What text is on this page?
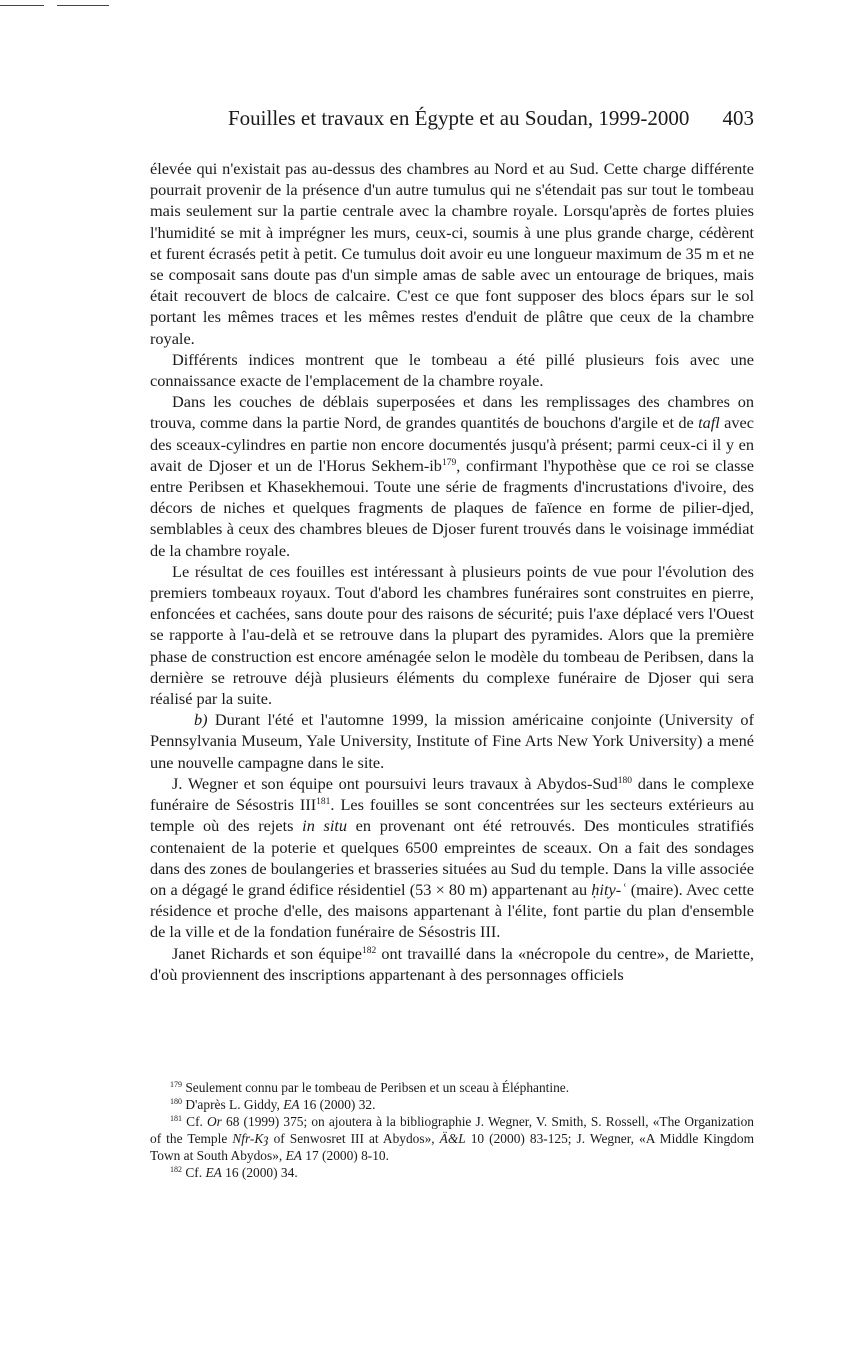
Fouilles et travaux en Égypte et au Soudan, 1999-2000 403

élevée qui n'existait pas au-dessus des chambres au Nord et au Sud. Cette charge différente pourrait provenir de la présence d'un autre tumulus qui ne s'étendait pas sur tout le tombeau mais seulement sur la partie centrale avec la chambre royale. Lorsqu'après de fortes pluies l'humidité se mit à imprégner les murs, ceux-ci, soumis à une plus grande charge, cédèrent et furent écrasés petit à petit. Ce tumulus doit avoir eu une longueur maximum de 35 m et ne se composait sans doute pas d'un simple amas de sable avec un entourage de briques, mais était recouvert de blocs de calcaire. C'est ce que font supposer des blocs épars sur le sol portant les mêmes traces et les mêmes restes d'enduit de plâtre que ceux de la chambre royale.

Différents indices montrent que le tombeau a été pillé plusieurs fois avec une connaissance exacte de l'emplacement de la chambre royale.

Dans les couches de déblais superposées et dans les remplissages des chambres on trouva, comme dans la partie Nord, de grandes quantités de bouchons d'argile et de tafl avec des sceaux-cylindres en partie non encore documentés jusqu'à présent; parmi ceux-ci il y en avait de Djoser et un de l'Horus Sekhem-$ib^{179}$, confirmant l'hypothèse que ce roi se classe entre Peribsen et Khasekhemoui. Toute une série de fragments d'incrustations d'ivoire, des décors de niches et quelques fragments de plaques de faïence en forme de pilier-djed, semblables à ceux des chambres bleues de Djoser furent trouvés dans le voisinage immédiat de la chambre royale.

Le résultat de ces fouilles est intéressant à plusieurs points de vue pour l'évolution des premiers tombeaux royaux. Tout d'abord les chambres funéraires sont construites en pierre, enfoncées et cachées, sans doute pour des raisons de sécurité; puis l'axe déplacé vers l'Ouest se rapporte à l'au-delà et se retrouve dans la plupart des pyramides. Alors que la première phase de construction est encore aménagée selon le modèle du tombeau de Peribsen, dans la dernière se retrouve déjà plusieurs éléments du complexe funéraire de Djoser qui sera réalisé par la suite.

b) Durant l'été et l'automne 1999, la mission américaine conjointe (University of Pennsylvania Museum, Yale University, Institute of Fine Arts New York University) a mené une nouvelle campagne dans le site.

J. Wegner et son équipe ont poursuivi leurs travaux à Abydos-Sud$^{180}$ dans le complexe funéraire de Sésostris III$^{181}$. Les fouilles se sont concentrées sur les secteurs extérieurs au temple où des rejets in situ en provenant ont été retrouvés. Des monticules stratifiés contenaient de la poterie et quelques 6500 empreintes de sceaux. On a fait des sondages dans des zones de boulangeries et brasseries situées au Sud du temple. Dans la ville associée on a dégagé le grand édifice résidentiel (53 × 80 m) appartenant au ḥity-ʿ (maire). Avec cette résidence et proche d'elle, des maisons appartenant à l'élite, font partie du plan d'ensemble de la ville et de la fondation funéraire de Sésostris III.

Janet Richards et son équipe$^{182}$ ont travaillé dans la «nécropole du centre», de Mariette, d'où proviennent des inscriptions appartenant à des personnages officiels

$^{179}$ Seulement connu par le tombeau de Peribsen et un sceau à Éléphantine.

$^{180}$ D'après L. Giddy, EA 16 (2000) 32.

$^{181}$ Cf. Or 68 (1999) 375; on ajoutera à la bibliographie J. Wegner, V. Smith, S. Rossell, «The Organization of the Temple Nfr-Kȝ of Senwosret III at Abydos», Ä&L 10 (2000) 83-125; J. Wegner, «A Middle Kingdom Town at South Abydos», EA 17 (2000) 8-10.

$^{182}$ Cf. EA 16 (2000) 34.
